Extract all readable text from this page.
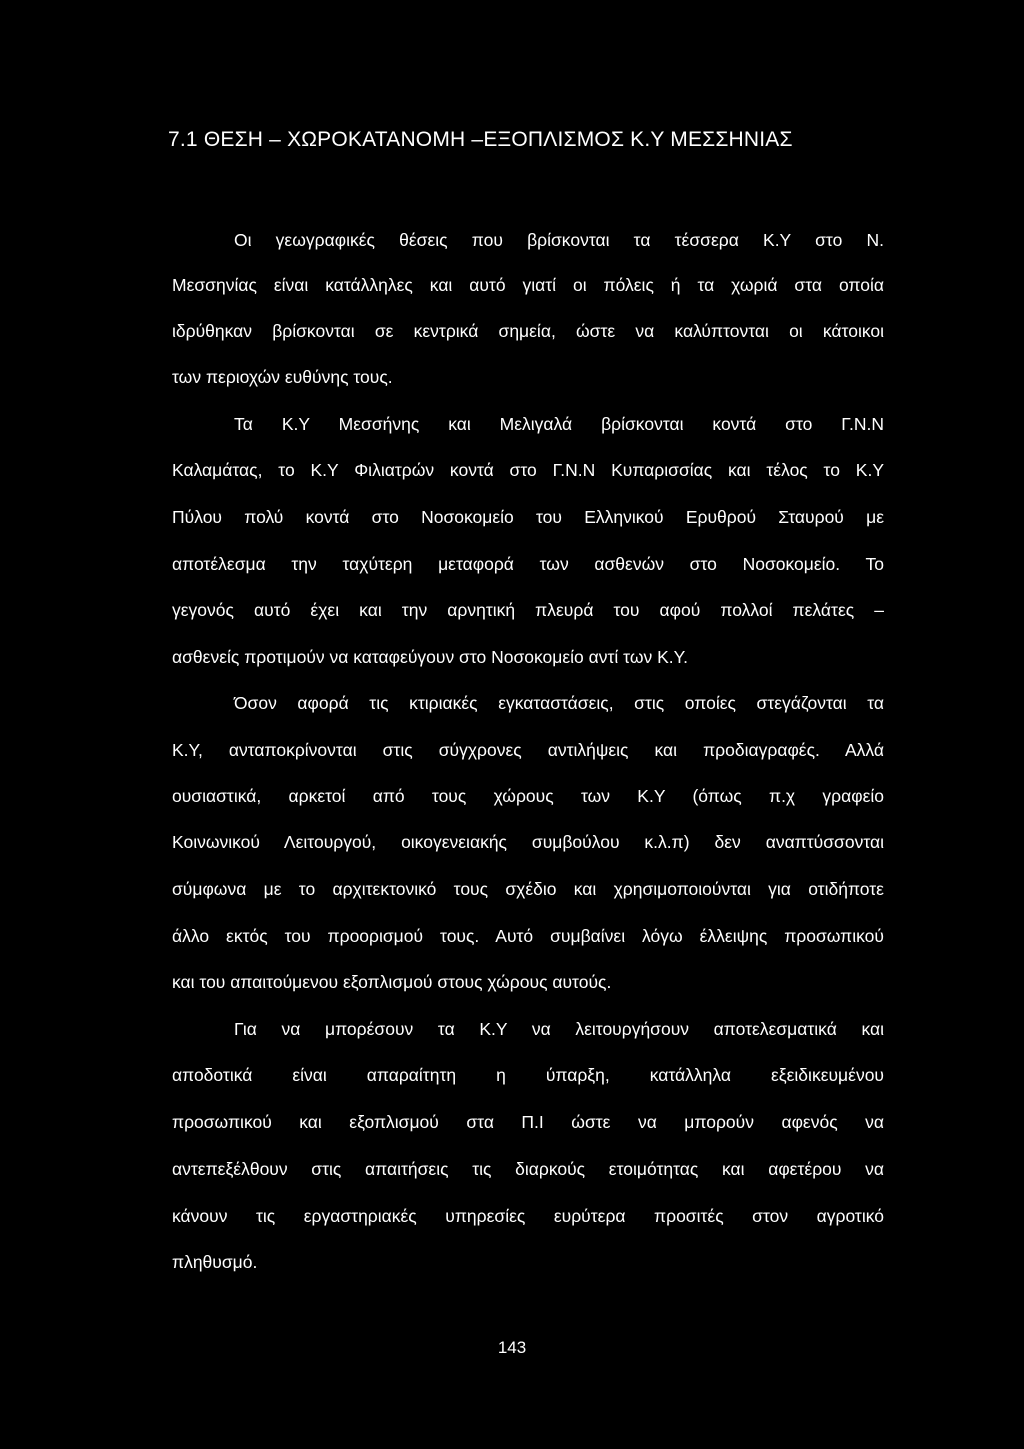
7.1 ΘΕΣΗ – ΧΩΡΟΚΑΤΑΝΟΜΗ –ΕΞΟΠΛΙΣΜΟΣ Κ.Υ ΜΕΣΣΗΝΙΑΣ
Οι γεωγραφικές θέσεις που βρίσκονται τα τέσσερα Κ.Υ στο Ν.
Μεσσηνίας είναι κατάλληλες και αυτό γιατί οι πόλεις ή τα χωριά στα οποία
ιδρύθηκαν βρίσκονται σε κεντρικά σημεία, ώστε να καλύπτονται οι κάτοικοι
των περιοχών ευθύνης τους.
Τα Κ.Υ Μεσσήνης και Μελιγαλά βρίσκονται κοντά στο Γ.Ν.Ν
Καλαμάτας, το Κ.Υ Φιλιατρών κοντά στο Γ.Ν.Ν Κυπαρισσίας και τέλος το Κ.Υ
Πύλου πολύ κοντά στο Νοσοκομείο του Ελληνικού Ερυθρού Σταυρού με
αποτέλεσμα την ταχύτερη μεταφορά των ασθενών στο Νοσοκομείο. Το
γεγονός αυτό έχει και την αρνητική πλευρά του αφού πολλοί πελάτες –
ασθενείς προτιμούν να καταφεύγουν στο Νοσοκομείο αντί των Κ.Υ.
Όσον αφορά τις κτιριακές εγκαταστάσεις, στις οποίες στεγάζονται τα
Κ.Υ, ανταποκρίνονται στις σύγχρονες αντιλήψεις και προδιαγραφές. Αλλά
ουσιαστικά, αρκετοί από τους χώρους των Κ.Υ (όπως π.χ γραφείο
Κοινωνικού Λειτουργού, οικογενειακής συμβούλου κ.λ.π) δεν αναπτύσσονται
σύμφωνα με το αρχιτεκτονικό τους σχέδιο και χρησιμοποιούνται για οτιδήποτε
άλλο εκτός του προορισμού τους. Αυτό συμβαίνει λόγω έλλειψης προσωπικού
και του απαιτούμενου εξοπλισμού στους χώρους αυτούς.
Για να μπορέσουν τα Κ.Υ να λειτουργήσουν αποτελεσματικά και
αποδοτικά είναι απαραίτητη η ύπαρξη, κατάλληλα εξειδικευμένου
προσωπικού και εξοπλισμού στα Π.Ι ώστε να μπορούν αφενός να
αντεπεξέλθουν στις απαιτήσεις τις διαρκούς ετοιμότητας και αφετέρου να
κάνουν τις εργαστηριακές υπηρεσίες ευρύτερα προσιτές στον αγροτικό
πληθυσμό.
143
